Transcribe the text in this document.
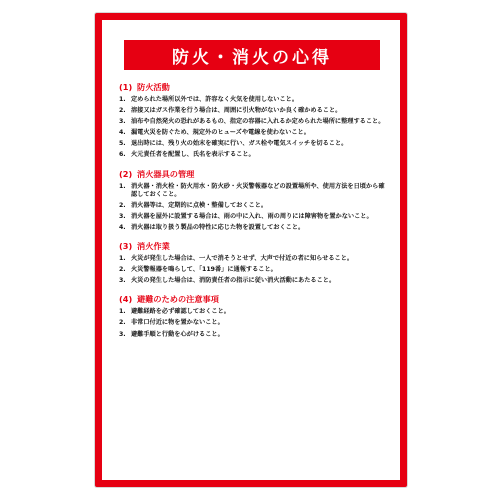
防火・消火の心得
(1) 防火活動
1. 定められた場所以外では、許容なく火気を使用しないこと。
2. 溶接又はガス作業を行う場合は、周囲に引火物がないか良く確かめること。
3. 油布や自然発火の恐れがあるもの、指定の容器に入れるか定められた場所に整理すること。
4. 漏電火災を防ぐため、規定外のヒューズや電線を使わないこと。
5. 退出時には、残り火の始末を確実に行い、ガス栓や電気スイッチを切ること。
6. 火元責任者を配置し、氏名を表示すること。
(2) 消火器具の管理
1. 消火器・消火栓・防火用水・防火砂・火災警報器などの設置場所や、使用方法を日頃から確認しておくこと。
2. 消火器等は、定期的に点検・整備しておくこと。
3. 消火器を屋外に設置する場合は、雨の中に入れ、雨の周りには障害物を置かないこと。
4. 消火器は取り扱う製品の特性に応じた物を設置しておくこと。
(3) 消火作業
1. 火災が発生した場合は、一人で消そうとせず、大声で付近の者に知らせること。
2. 火災警報器を鳴らして、「119番」に通報すること。
3. 火災の発生した場合は、消防責任者の指示に従い消火活動にあたること。
(4) 避難のための注意事項
1. 避難経路を必ず確認しておくこと。
2. 非常口付近に物を置かないこと。
3. 避難手順と行動を心がけること。
